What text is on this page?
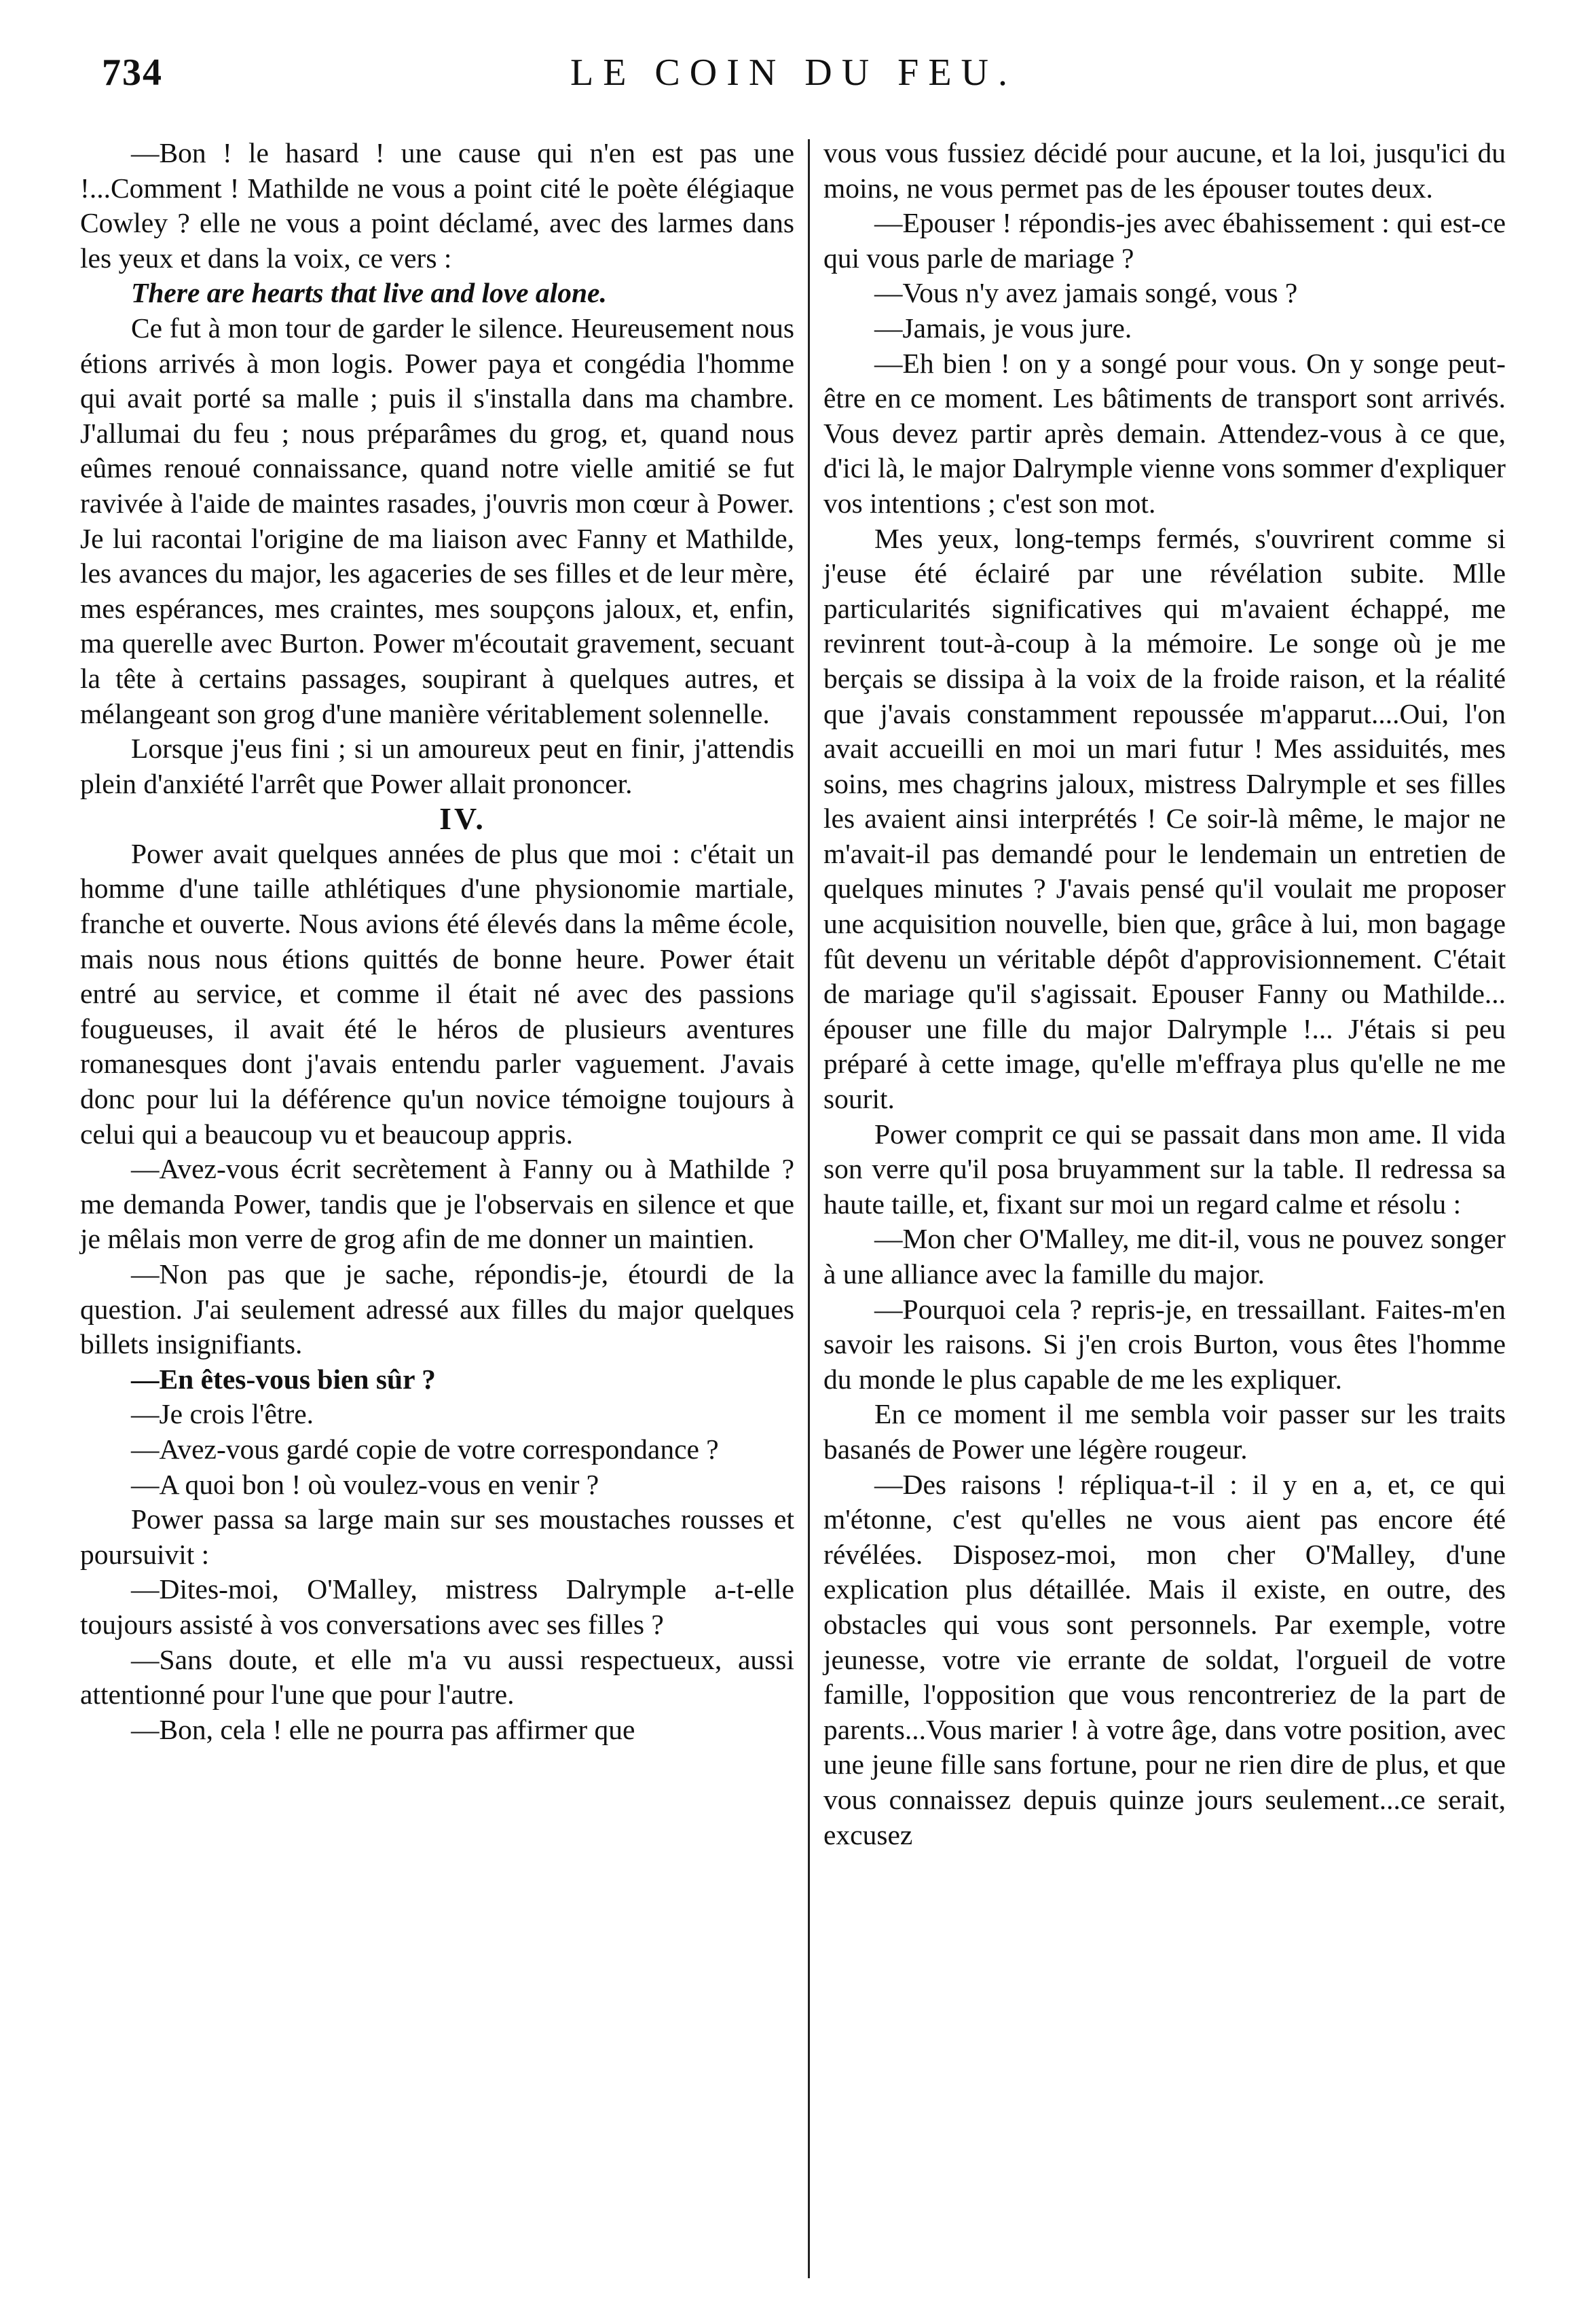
734	LE COIN DU FEU.

—Bon ! le hasard ! une cause qui n'en est pas une !...Comment ! Mathilde ne vous a point cité le poète élégiaque Cowley ? elle ne vous a point déclamé, avec des larmes dans les yeux et dans la voix, ce vers :

There are hearts that live and love alone.

Ce fut à mon tour de garder le silence. Heureusement nous étions arrivés à mon logis. Power paya et congédia l'homme qui avait porté sa malle ; puis il s'installa dans ma chambre. J'allumai du feu ; nous préparâmes du grog, et, quand nous eûmes renoué connaissance, quand notre vielle amitié se fut ravivée à l'aide de maintes rasades, j'ouvris mon cœur à Power. Je lui racontai l'origine de ma liaison avec Fanny et Mathilde, les avances du major, les agaceries de ses filles et de leur mère, mes espérances, mes craintes, mes soupçons jaloux, et, enfin, ma querelle avec Burton. Power m'écoutait gravement, secuant la tête à certains passages, soupirant à quelques autres, et mélangeant son grog d'une manière véritablement solennelle.

Lorsque j'eus fini ; si un amoureux peut en finir, j'attendis plein d'anxiété l'arrêt que Power allait prononcer.

IV.

Power avait quelques années de plus que moi : c'était un homme d'une taille athlétiques d'une physionomie martiale, franche et ouverte. Nous avions été élevés dans la même école, mais nous nous étions quittés de bonne heure. Power était entré au service, et comme il était né avec des passions fougueuses, il avait été le héros de plusieurs aventures romanesques dont j'avais entendu parler vaguement. J'avais donc pour lui la déférence qu'un novice témoigne toujours à celui qui a beaucoup vu et beaucoup appris.

—Avez-vous écrit secrètement à Fanny ou à Mathilde ? me demanda Power, tandis que je l'observais en silence et que je mêlais mon verre de grog afin de me donner un maintien.

—Non pas que je sache, répondis-je, étourdi de la question. J'ai seulement adressé aux filles du major quelques billets insignifiants.

—En êtes-vous bien sûr ?

—Je crois l'être.

—Avez-vous gardé copie de votre correspondance ?

—A quoi bon ! où voulez-vous en venir ?

Power passa sa large main sur ses moustaches rousses et poursuivit :

—Dites-moi, O'Malley, mistress Dalrymple a-t-elle toujours assisté à vos conversations avec ses filles ?

—Sans doute, et elle m'a vu aussi respectueux, aussi attentionné pour l'une que pour l'autre.

—Bon, cela ! elle ne pourra pas affirmer que

vous vous fussiez décidé pour aucune, et la loi, jusqu'ici du moins, ne vous permet pas de les épouser toutes deux.

—Epouser ! répondis-jes avec ébahissement : qui est-ce qui vous parle de mariage ?

—Vous n'y avez jamais songé, vous ?

—Jamais, je vous jure.

—Eh bien ! on y a songé pour vous. On y songe peut-être en ce moment. Les bâtiments de transport sont arrivés. Vous devez partir après demain. Attendez-vous à ce que, d'ici là, le major Dalrymple vienne vons sommer d'expliquer vos intentions ; c'est son mot.

Mes yeux, long-temps fermés, s'ouvrirent comme si j'euse été éclairé par une révélation subite. Mlle particularités significatives qui m'avaient échappé, me revinrent tout-à-coup à la mémoire. Le songe où je me berçais se dissipa à la voix de la froide raison, et la réalité que j'avais constamment repoussée m'apparut....Oui, l'on avait accueilli en moi un mari futur ! Mes assiduités, mes soins, mes chagrins jaloux, mistress Dalrymple et ses filles les avaient ainsi interprétés ! Ce soir-là même, le major ne m'avait-il pas demandé pour le lendemain un entretien de quelques minutes ? J'avais pensé qu'il voulait me proposer une acquisition nouvelle, bien que, grâce à lui, mon bagage fût devenu un véritable dépôt d'approvisionnement. C'était de mariage qu'il s'agissait. Epouser Fanny ou Mathilde... épouser une fille du major Dalrymple !... J'étais si peu préparé à cette image, qu'elle m'effraya plus qu'elle ne me sourit.

Power comprit ce qui se passait dans mon ame. Il vida son verre qu'il posa bruyamment sur la table. Il redressa sa haute taille, et, fixant sur moi un regard calme et résolu :

—Mon cher O'Malley, me dit-il, vous ne pouvez songer à une alliance avec la famille du major.

—Pourquoi cela ? repris-je, en tressaillant. Faites-m'en savoir les raisons. Si j'en crois Burton, vous êtes l'homme du monde le plus capable de me les expliquer.

En ce moment il me sembla voir passer sur les traits basanés de Power une légère rougeur.

—Des raisons ! répliqua-t-il : il y en a, et, ce qui m'étonne, c'est qu'elles ne vous aient pas encore été révélées. Disposez-moi, mon cher O'Malley, d'une explication plus détaillée. Mais il existe, en outre, des obstacles qui vous sont personnels. Par exemple, votre jeunesse, votre vie errante de soldat, l'orgueil de votre famille, l'opposition que vous rencontreriez de la part de parents...Vous marier ! à votre âge, dans votre position, avec une jeune fille sans fortune, pour ne rien dire de plus, et que vous connaissez depuis quinze jours seulement...ce serait, excusez
